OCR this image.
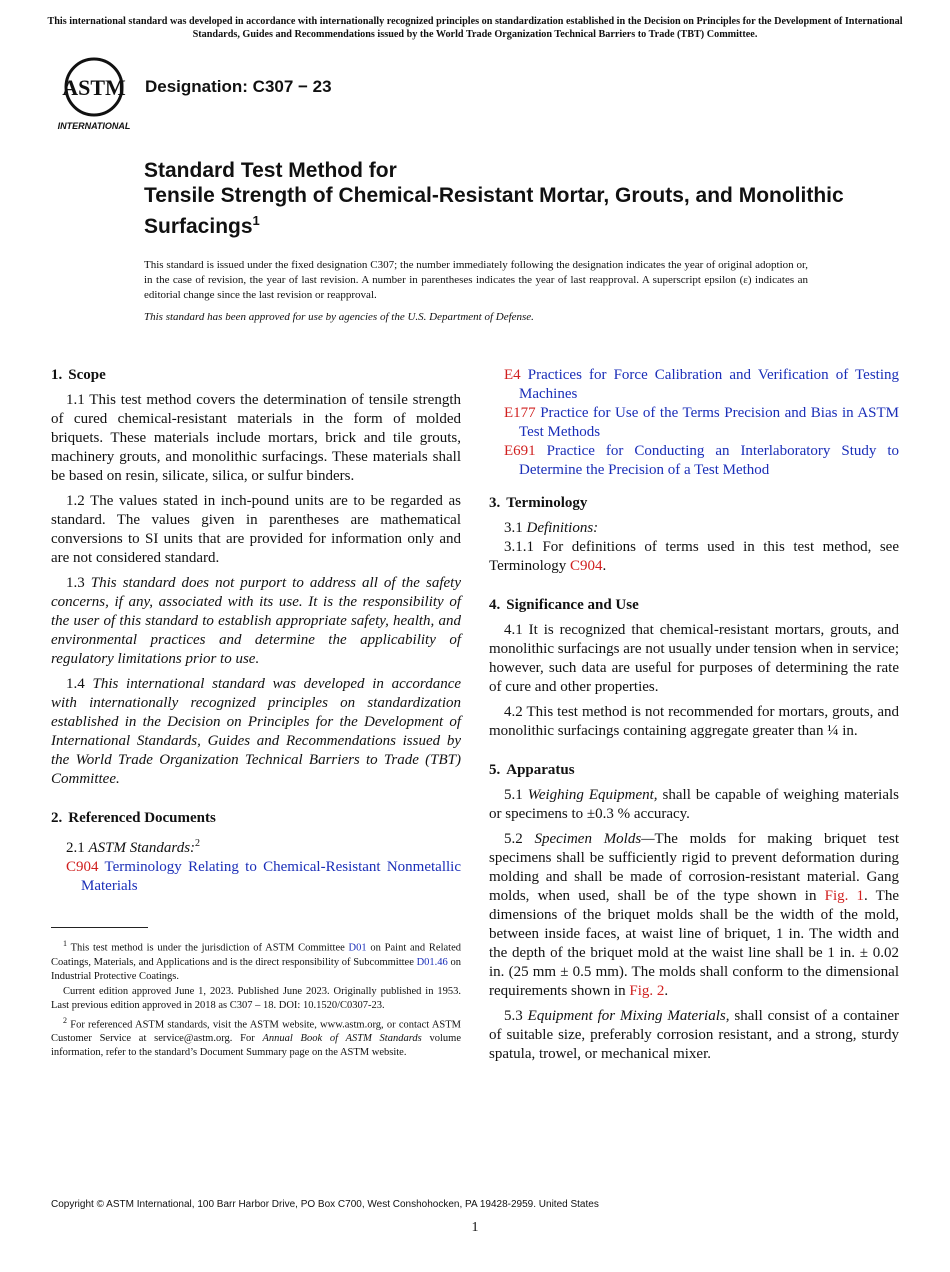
This international standard was developed in accordance with internationally recognized principles on standardization established in the Decision on Principles for the Development of International Standards, Guides and Recommendations issued by the World Trade Organization Technical Barriers to Trade (TBT) Committee.
ASTM
INTERNATIONAL
Designation: C307 − 23
Standard Test Method for
Tensile Strength of Chemical-Resistant Mortar, Grouts, and Monolithic Surfacings$^1$
This standard is issued under the fixed designation C307; the number immediately following the designation indicates the year of original adoption or, in the case of revision, the year of last revision. A number in parentheses indicates the year of last reapproval. A superscript epsilon (ε) indicates an editorial change since the last revision or reapproval.
This standard has been approved for use by agencies of the U.S. Department of Defense.
1. Scope

1.1 This test method covers the determination of tensile strength of cured chemical-resistant materials in the form of molded briquets. These materials include mortars, brick and tile grouts, machinery grouts, and monolithic surfacings. These materials shall be based on resin, silicate, silica, or sulfur binders.

1.2 The values stated in inch-pound units are to be regarded as standard. The values given in parentheses are mathematical conversions to SI units that are provided for information only and are not considered standard.

1.3 This standard does not purport to address all of the safety concerns, if any, associated with its use. It is the responsibility of the user of this standard to establish appropriate safety, health, and environmental practices and determine the applicability of regulatory limitations prior to use.

1.4 This international standard was developed in accordance with internationally recognized principles on standardization established in the Decision on Principles for the Development of International Standards, Guides and Recommendations issued by the World Trade Organization Technical Barriers to Trade (TBT) Committee.

2. Referenced Documents

2.1 ASTM Standards:$^2$

C904 Terminology Relating to Chemical-Resistant Nonmetallic Materials
E4 Practices for Force Calibration and Verification of Testing Machines
E177 Practice for Use of the Terms Precision and Bias in ASTM Test Methods
E691 Practice for Conducting an Interlaboratory Study to Determine the Precision of a Test Method
3. Terminology

3.1 Definitions:

3.1.1 For definitions of terms used in this test method, see Terminology C904.

4. Significance and Use

4.1 It is recognized that chemical-resistant mortars, grouts, and monolithic surfacings are not usually under tension when in service; however, such data are useful for purposes of determining the rate of cure and other properties.

4.2 This test method is not recommended for mortars, grouts, and monolithic surfacings containing aggregate greater than ¼ in.

5. Apparatus

5.1 Weighing Equipment, shall be capable of weighing materials or specimens to ±0.3 % accuracy.

5.2 Specimen Molds—The molds for making briquet test specimens shall be sufficiently rigid to prevent deformation during molding and shall be made of corrosion-resistant material. Gang molds, when used, shall be of the type shown in Fig. 1. The dimensions of the briquet molds shall be the width of the mold, between inside faces, at waist line of briquet, 1 in. The width and the depth of the briquet mold at the waist line shall be 1 in. ± 0.02 in. (25 mm ± 0.5 mm). The molds shall conform to the dimensional requirements shown in Fig. 2.

5.3 Equipment for Mixing Materials, shall consist of a container of suitable size, preferably corrosion resistant, and a strong, sturdy spatula, trowel, or mechanical mixer.

$^1$ This test method is under the jurisdiction of ASTM Committee D01 on Paint and Related Coatings, Materials, and Applications and is the direct responsibility of Subcommittee D01.46 on Industrial Protective Coatings.

Current edition approved June 1, 2023. Published June 2023. Originally published in 1953. Last previous edition approved in 2018 as C307 – 18. DOI: 10.1520/C0307-23.

$^2$ For referenced ASTM standards, visit the ASTM website, www.astm.org, or contact ASTM Customer Service at service@astm.org. For Annual Book of ASTM Standards volume information, refer to the standard’s Document Summary page on the ASTM website.

Copyright © ASTM International, 100 Barr Harbor Drive, PO Box C700, West Conshohocken, PA 19428-2959. United States
1
